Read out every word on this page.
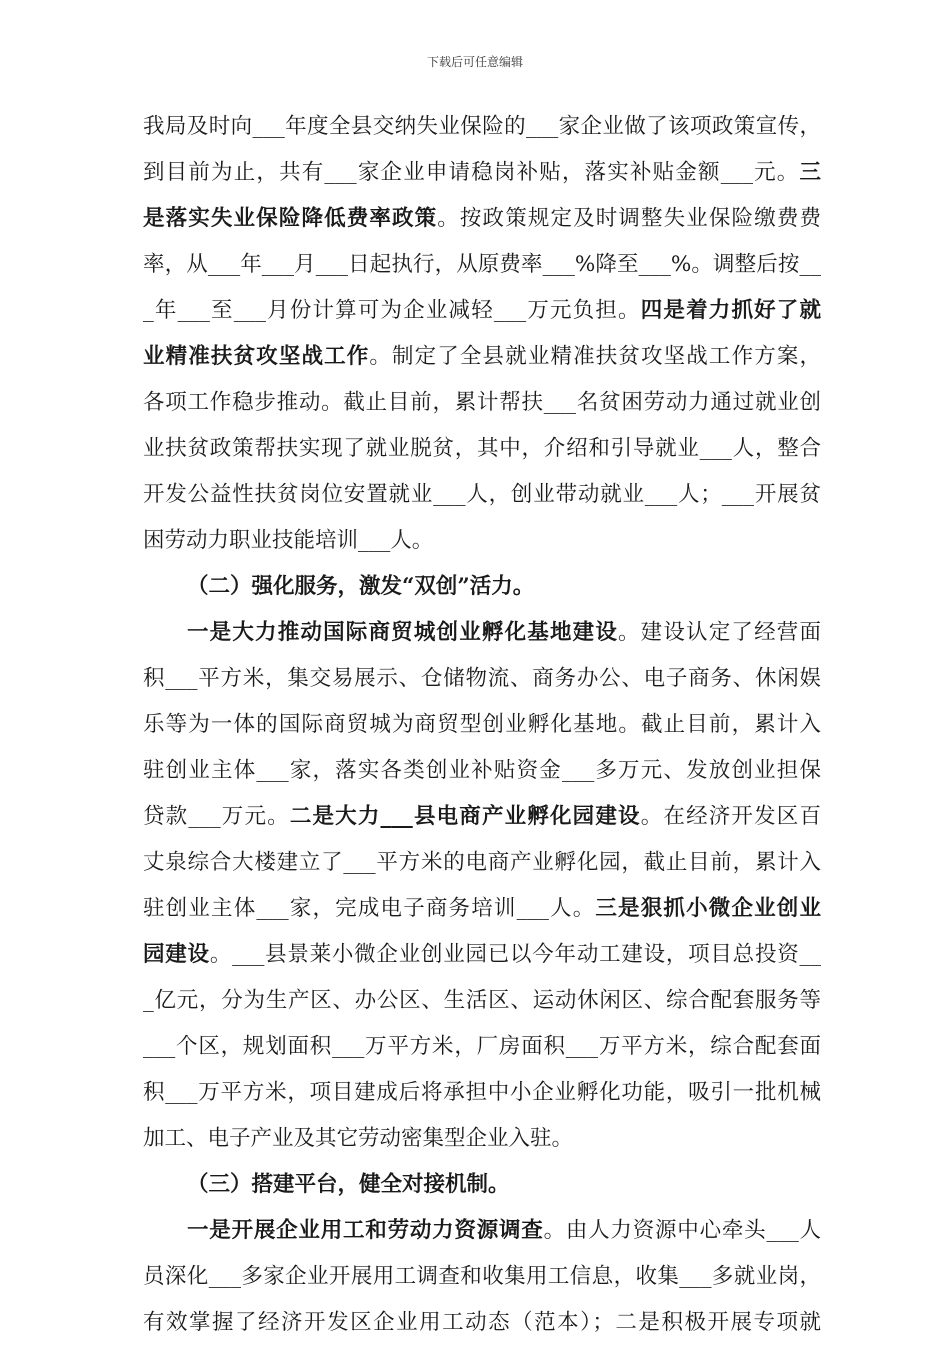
下载后可任意编辑
我局及时向___年度全县交纳失业保险的___家企业做了该项政策宣传，
到目前为止，共有___家企业申请稳岗补贴，落实补贴金额___元。三
是落实失业保险降低费率政策。按政策规定及时调整失业保险缴费费
率，从___年___月___日起执行，从原费率___%降至___%。调整后按__
_年___至___月份计算可为企业减轻___万元负担。四是着力抓好了就
业精准扶贫攻坚战工作。制定了全县就业精准扶贫攻坚战工作方案，
各项工作稳步推动。截止目前，累计帮扶___名贫困劳动力通过就业创
业扶贫政策帮扶实现了就业脱贫，其中，介绍和引导就业___人，整合
开发公益性扶贫岗位安置就业___人，创业带动就业___人；___开展贫
困劳动力职业技能培训___人。
（二）强化服务，激发“双创”活力。
一是大力推动国际商贸城创业孵化基地建设。建设认定了经营面
积___平方米，集交易展示、仓储物流、商务办公、电子商务、休闲娱
乐等为一体的国际商贸城为商贸型创业孵化基地。截止目前，累计入
驻创业主体___家，落实各类创业补贴资金___多万元、发放创业担保
贷款___万元。二是大力___县电商产业孵化园建设。在经济开发区百
丈泉综合大楼建立了___平方米的电商产业孵化园，截止目前，累计入
驻创业主体___家，完成电子商务培训___人。三是狠抓小微企业创业
园建设。___县景莱小微企业创业园已以今年动工建设，项目总投资__
_亿元，分为生产区、办公区、生活区、运动休闲区、综合配套服务等
___个区，规划面积___万平方米，厂房面积___万平方米，综合配套面
积___万平方米，项目建成后将承担中小企业孵化功能，吸引一批机械
加工、电子产业及其它劳动密集型企业入驻。
（三）搭建平台，健全对接机制。
一是开展企业用工和劳动力资源调查。由人力资源中心牵头___人
员深化___多家企业开展用工调查和收集用工信息，收集___多就业岗，
有效掌握了经济开发区企业用工动态（范本）；二是积极开展专项就
